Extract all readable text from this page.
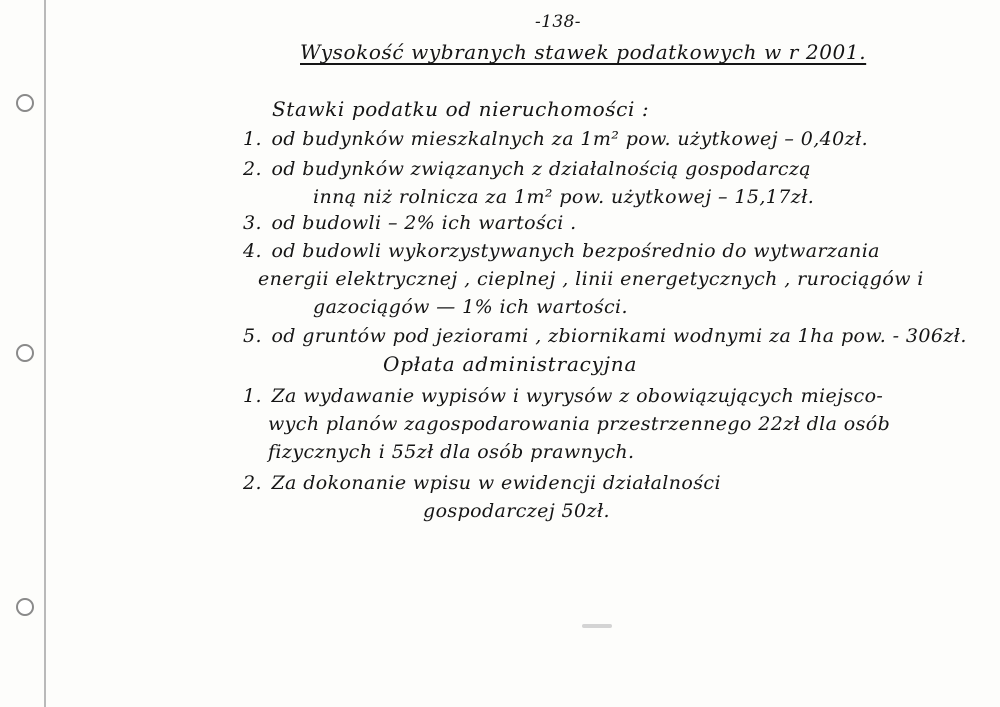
-138-
Wysokość wybranych stawek podatkowych w r 2001.
Stawki podatku od nieruchomości :
1. od budynków mieszkalnych za 1m² pow. użytkowej – 0,40zł.
2. od budynków związanych z działalnością gospodarczą
inną niż rolnicza za 1m² pow. użytkowej – 15,17zł.
3. od budowli – 2% ich wartości .
4. od budowli wykorzystywanych bezpośrednio do wytwarzania
energii elektrycznej , cieplnej , linii energetycznych , rurociągów i
gazociągów — 1% ich wartości.
5. od gruntów pod jeziorami , zbiornikami wodnymi za 1ha pow. - 306zł.
Opłata administracyjna
1. Za wydawanie wypisów i wyrysów z obowiązujących miejsco-
wych planów zagospodarowania przestrzennego 22zł dla osób
fizycznych i 55zł dla osób prawnych.
2. Za dokonanie wpisu w ewidencji działalności
gospodarczej 50zł.
